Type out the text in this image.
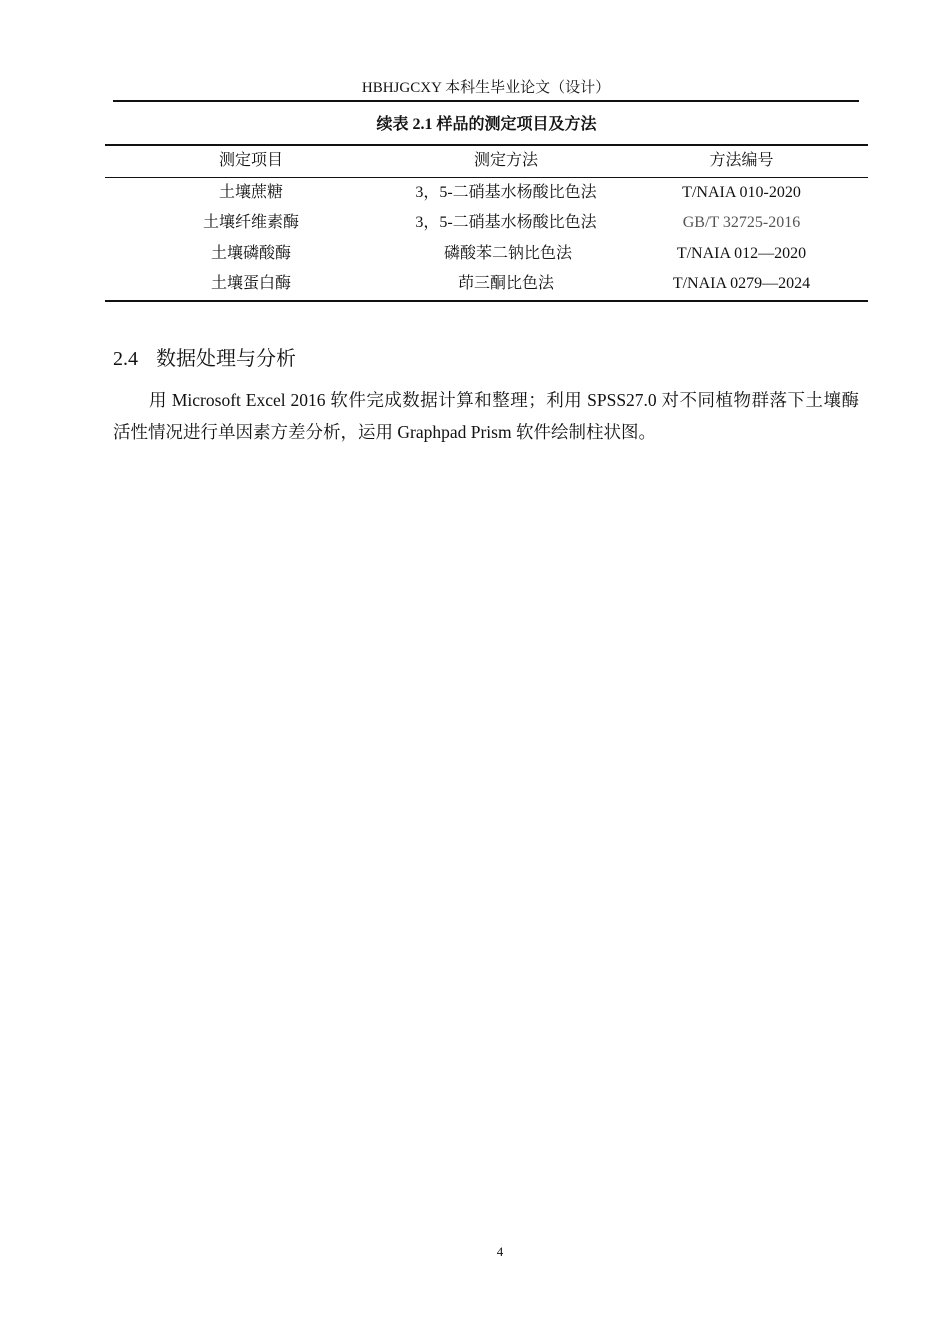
HBHJGCXY 本科生毕业论文（设计）
续表 2.1 样品的测定项目及方法
测定项目	测定方法	方法编号
土壤蔗糖	3，5-二硝基水杨酸比色法	T/NAIA 010-2020
土壤纤维素酶	3，5-二硝基水杨酸比色法	GB/T 32725-2016
土壤磷酸酶	磷酸苯二钠比色法	T/NAIA 012—2020
土壤蛋白酶	茚三酮比色法	T/NAIA 0279—2024
2.4 数据处理与分析

用 Microsoft Excel 2016 软件完成数据计算和整理；利用 SPSS27.0 对不同植物群落下土壤酶活性情况进行单因素方差分析，运用 Graphpad Prism 软件绘制柱状图。

4
